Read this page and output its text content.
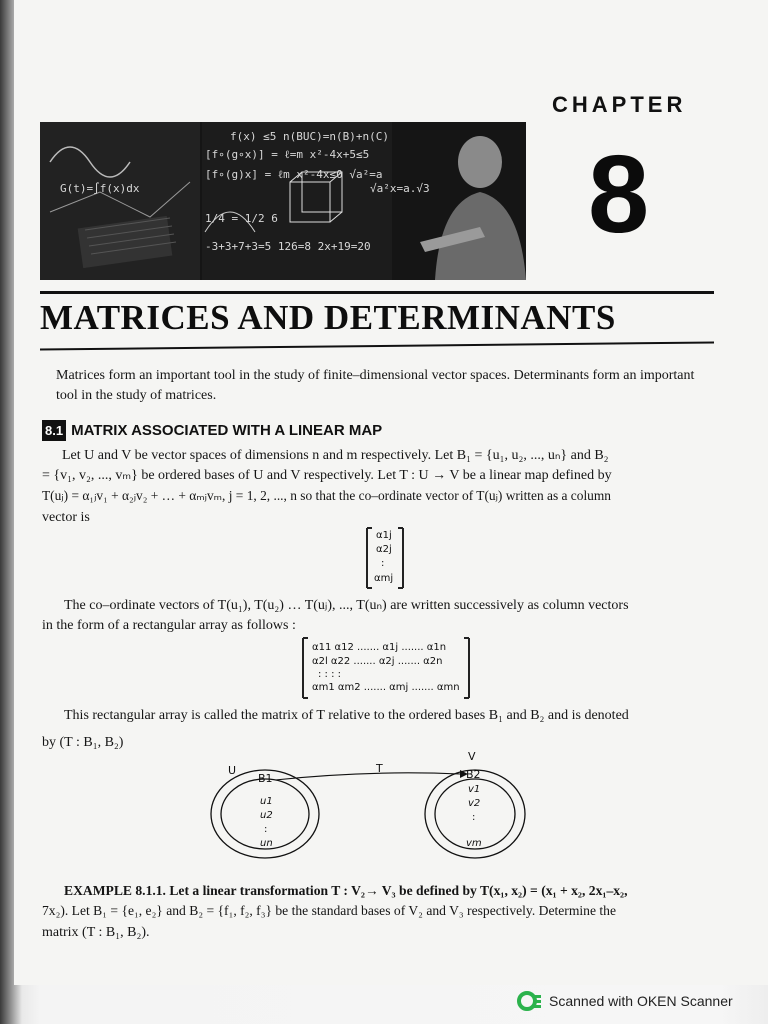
f(x) ≤5 n(BUC)=n(B)+n(C)
[f∘(g∘x)] = ℓ=m x²-4x+5≤5
[f∘(g)x] = ℓm x²-4x≤0 √a²=a
1/4 = 1/2 6
-3+3+7+3=5 126=8 2x+19=20
√a²x=a.√3
G(t)=∫f(x)dx
CHAPTER
8
MATRICES AND DETERMINANTS
Matrices form an important tool in the study of finite–dimensional vector spaces. Determinants form an important tool in the study of matrices.
8.1 MATRIX ASSOCIATED WITH A LINEAR MAP
Let U and V be vector spaces of dimensions n and m respectively. Let B₁ = {u₁, u₂, ..., uₙ} and B₂
= {v₁, v₂, ..., vₘ} be ordered bases of U and V respectively. Let T : U → V be a linear map defined by
T(uⱼ) = α₁ⱼv₁ + α₂ⱼv₂ + … + αₘⱼvₘ, j = 1, 2, ..., n so that the co–ordinate vector of T(uⱼ) written as a column
vector is
α1j
α2j
:
αmj
The co–ordinate vectors of T(u₁), T(u₂) … T(uⱼ), ..., T(uₙ) are written successively as column vectors
in the form of a rectangular array as follows :
α11 α12 ....... α1j ....... α1n
α2l α22 ....... α2j ....... α2n
: : : :
αm1 αm2 ....... αmj ....... αmn
This rectangular array is called the matrix of T relative to the ordered bases B₁ and B₂ and is denoted
by (T : B₁, B₂)
U
B1
u1
u2
:
un
T
V
B2
v1
v2
:
vm
EXAMPLE 8.1.1. Let a linear transformation T : V₂→ V₃ be defined by T(x₁, x₂) = (x₁ + x₂, 2x₁–x₂,
7x₂). Let B₁ = {e₁, e₂} and B₂ = {f₁, f₂, f₃} be the standard bases of V₂ and V₃ respectively. Determine the
matrix (T : B₁, B₂).
Scanned with OKEN Scanner
